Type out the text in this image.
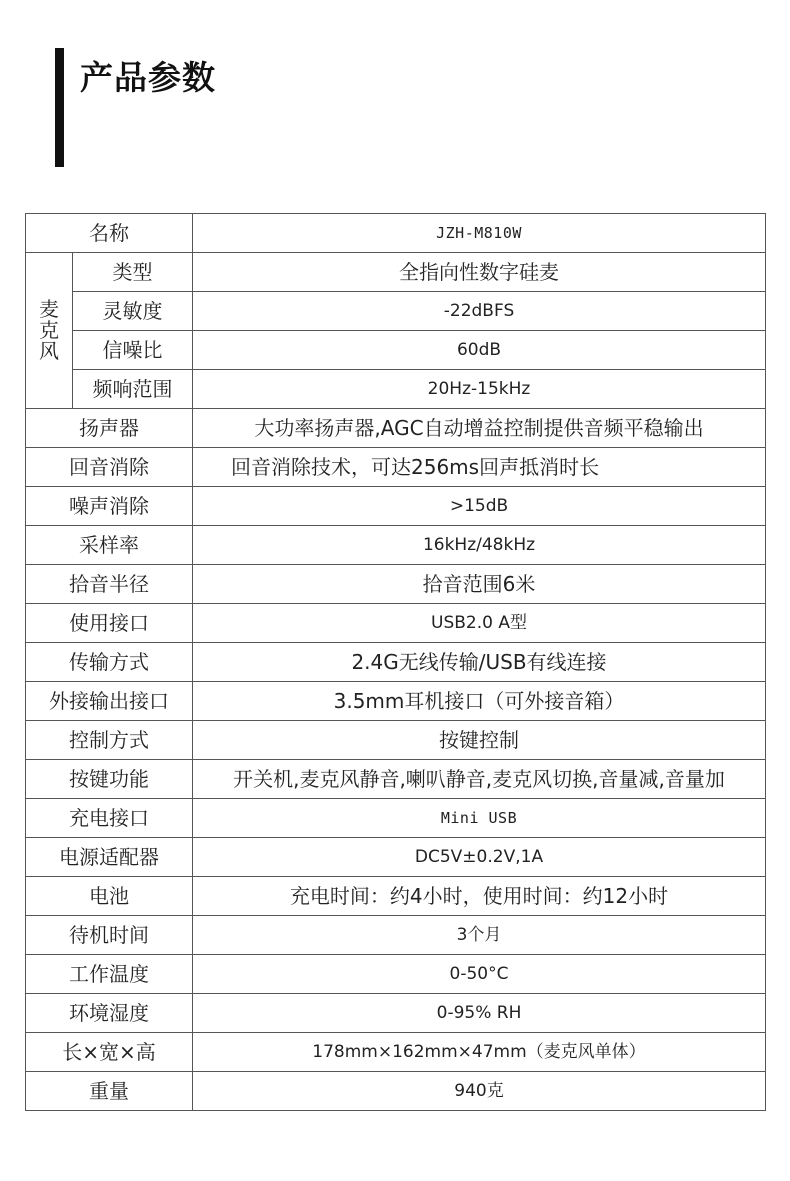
产品参数
名称		JZH-M810W
麦克风	类型	全指向性数字硅麦
	灵敏度	-22dBFS
	信噪比	60dB
	频响范围	20Hz-15kHz
扬声器		大功率扬声器,AGC自动增益控制提供音频平稳输出
回音消除		回音消除技术，可达256ms回声抵消时长
噪声消除		>15dB
采样率		16kHz/48kHz
拾音半径		拾音范围6米
使用接口		USB2.0 A型
传输方式		2.4G无线传输/USB有线连接
外接输出接口		3.5mm耳机接口（可外接音箱）
控制方式		按键控制
按键功能		开关机,麦克风静音,喇叭静音,麦克风切换,音量减,音量加
充电接口		Mini USB
电源适配器		DC5V±0.2V,1A
电池		充电时间：约4小时，使用时间：约12小时
待机时间		3个月
工作温度		0-50°C
环境湿度		0-95% RH
长×宽×高		178mm×162mm×47mm（麦克风单体）
重量		940克
